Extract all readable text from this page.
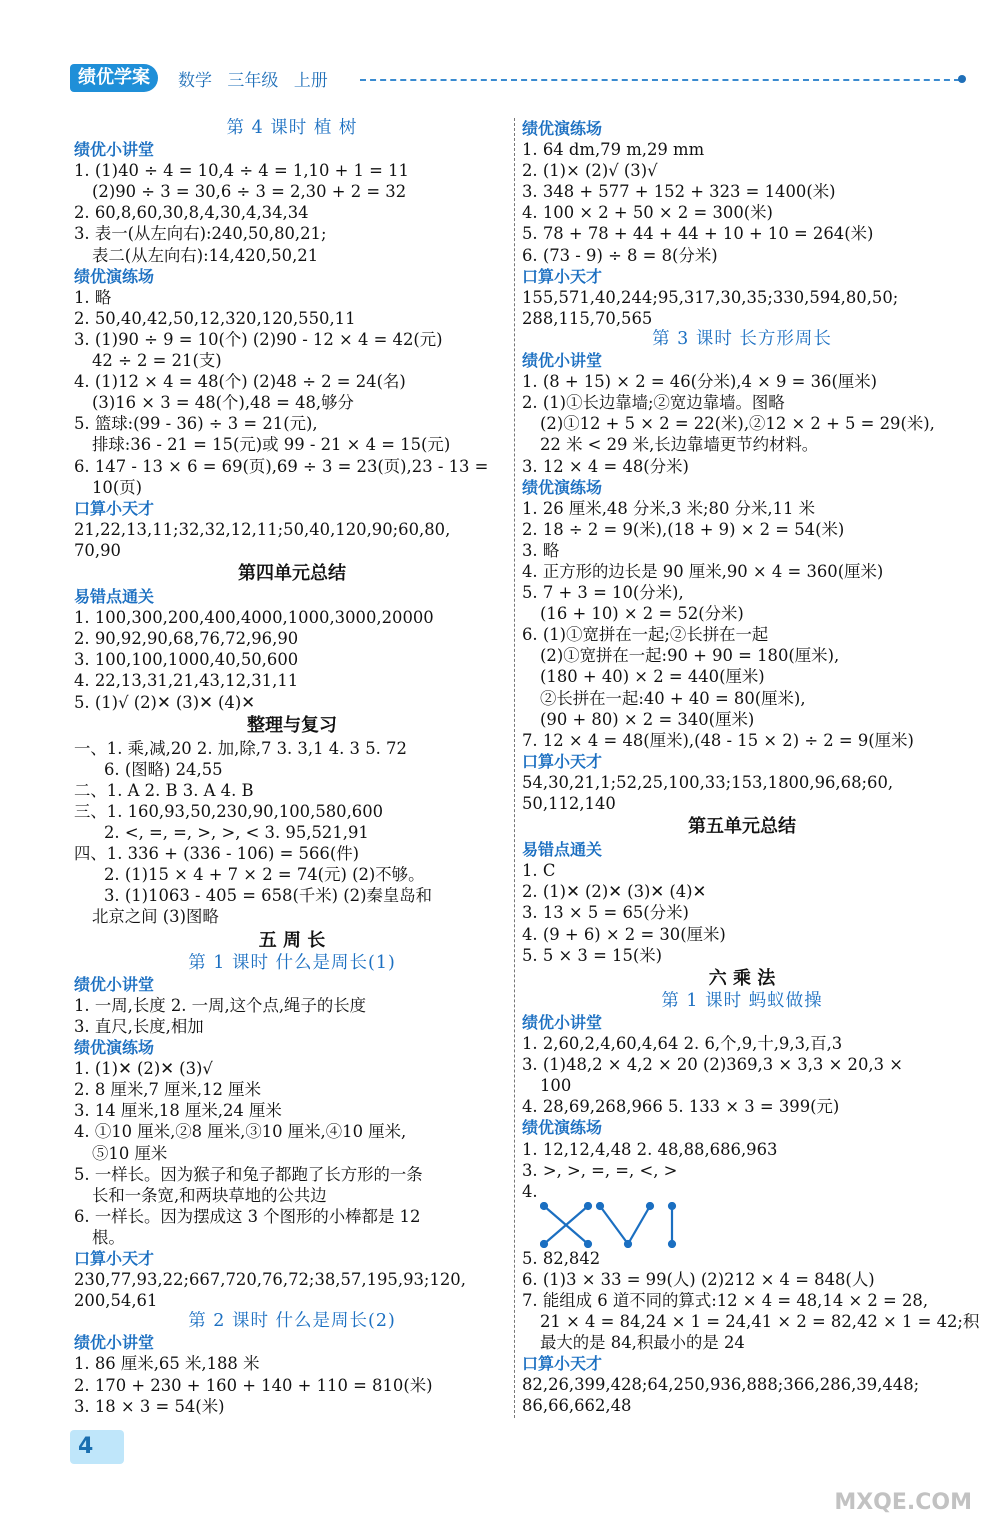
绩优学案	数学 三年级 上册
第 4 课时 植 树
绩优小讲堂
1. (1)40 ÷ 4 = 10,4 ÷ 4 = 1,10 + 1 = 11
(2)90 ÷ 3 = 30,6 ÷ 3 = 2,30 + 2 = 32
2. 60,8,60,30,8,4,30,4,34,34
3. 表一(从左向右):240,50,80,21;
表二(从左向右):14,420,50,21
绩优演练场
1. 略
2. 50,40,42,50,12,320,120,550,11
3. (1)90 ÷ 9 = 10(个) (2)90 - 12 × 4 = 42(元)
42 ÷ 2 = 21(支)
4. (1)12 × 4 = 48(个) (2)48 ÷ 2 = 24(名)
(3)16 × 3 = 48(个),48 = 48,够分
5. 篮球:(99 - 36) ÷ 3 = 21(元),
排球:36 - 21 = 15(元)或 99 - 21 × 4 = 15(元)
6. 147 - 13 × 6 = 69(页),69 ÷ 3 = 23(页),23 - 13 =
10(页)
口算小天才
21,22,13,11;32,32,12,11;50,40,120,90;60,80,
70,90
第四单元总结
易错点通关
1. 100,300,200,400,4000,1000,3000,20000
2. 90,92,90,68,76,72,96,90
3. 100,100,1000,40,50,600
4. 22,13,31,21,43,12,31,11
5. (1)√ (2)✕ (3)✕ (4)✕
整理与复习
一、1. 乘,减,20 2. 加,除,7 3. 3,1 4. 3 5. 72
6. (图略) 24,55
二、1. A 2. B 3. A 4. B
三、1. 160,93,50,230,90,100,580,600
2. <, =, =, >, >, < 3. 95,521,91
四、1. 336 + (336 - 106) = 566(件)
2. (1)15 × 4 + 7 × 2 = 74(元) (2)不够。
3. (1)1063 - 405 = 658(千米) (2)秦皇岛和
北京之间 (3)图略
五 周 长
第 1 课时 什么是周长(1)
绩优小讲堂
1. 一周,长度 2. 一周,这个点,绳子的长度
3. 直尺,长度,相加
绩优演练场
1. (1)✕ (2)✕ (3)√
2. 8 厘米,7 厘米,12 厘米
3. 14 厘米,18 厘米,24 厘米
4. ①10 厘米,②8 厘米,③10 厘米,④10 厘米,
⑤10 厘米
5. 一样长。因为猴子和兔子都跑了长方形的一条
长和一条宽,和两块草地的公共边
6. 一样长。因为摆成这 3 个图形的小棒都是 12
根。
口算小天才
230,77,93,22;667,720,76,72;38,57,195,93;120,
200,54,61
第 2 课时 什么是周长(2)
绩优小讲堂
1. 86 厘米,65 米,188 米
2. 170 + 230 + 160 + 140 + 110 = 810(米)
3. 18 × 3 = 54(米)
绩优演练场
1. 64 dm,79 m,29 mm
2. (1)× (2)√ (3)√
3. 348 + 577 + 152 + 323 = 1400(米)
4. 100 × 2 + 50 × 2 = 300(米)
5. 78 + 78 + 44 + 44 + 10 + 10 = 264(米)
6. (73 - 9) ÷ 8 = 8(分米)
口算小天才
155,571,40,244;95,317,30,35;330,594,80,50;
288,115,70,565
第 3 课时 长方形周长
绩优小讲堂
1. (8 + 15) × 2 = 46(分米),4 × 9 = 36(厘米)
2. (1)①长边靠墙;②宽边靠墙。图略
(2)①12 + 5 × 2 = 22(米),②12 × 2 + 5 = 29(米),
22 米 < 29 米,长边靠墙更节约材料。
3. 12 × 4 = 48(分米)
绩优演练场
1. 26 厘米,48 分米,3 米;80 分米,11 米
2. 18 ÷ 2 = 9(米),(18 + 9) × 2 = 54(米)
3. 略
4. 正方形的边长是 90 厘米,90 × 4 = 360(厘米)
5. 7 + 3 = 10(分米),
(16 + 10) × 2 = 52(分米)
6. (1)①宽拼在一起;②长拼在一起
(2)①宽拼在一起:90 + 90 = 180(厘米),
(180 + 40) × 2 = 440(厘米)
②长拼在一起:40 + 40 = 80(厘米),
(90 + 80) × 2 = 340(厘米)
7. 12 × 4 = 48(厘米),(48 - 15 × 2) ÷ 2 = 9(厘米)
口算小天才
54,30,21,1;52,25,100,33;153,1800,96,68;60,
50,112,140
第五单元总结
易错点通关
1. C
2. (1)✕ (2)✕ (3)✕ (4)✕
3. 13 × 5 = 65(分米)
4. (9 + 6) × 2 = 30(厘米)
5. 5 × 3 = 15(米)
六 乘 法
第 1 课时 蚂蚁做操
绩优小讲堂
1. 2,60,2,4,60,4,64 2. 6,个,9,十,9,3,百,3
3. (1)48,2 × 4,2 × 20 (2)369,3 × 3,3 × 20,3 ×
100
4. 28,69,268,966 5. 133 × 3 = 399(元)
绩优演练场
1. 12,12,4,48 2. 48,88,686,963
3. >, >, =, =, <, >
4.
5. 82,842
6. (1)3 × 33 = 99(人) (2)212 × 4 = 848(人)
7. 能组成 6 道不同的算式:12 × 4 = 48,14 × 2 = 28,
21 × 4 = 84,24 × 1 = 24,41 × 2 = 82,42 × 1 = 42;积
最大的是 84,积最小的是 24
口算小天才
82,26,399,428;64,250,936,888;366,286,39,448;
86,66,662,48
4
MXQE.COM
